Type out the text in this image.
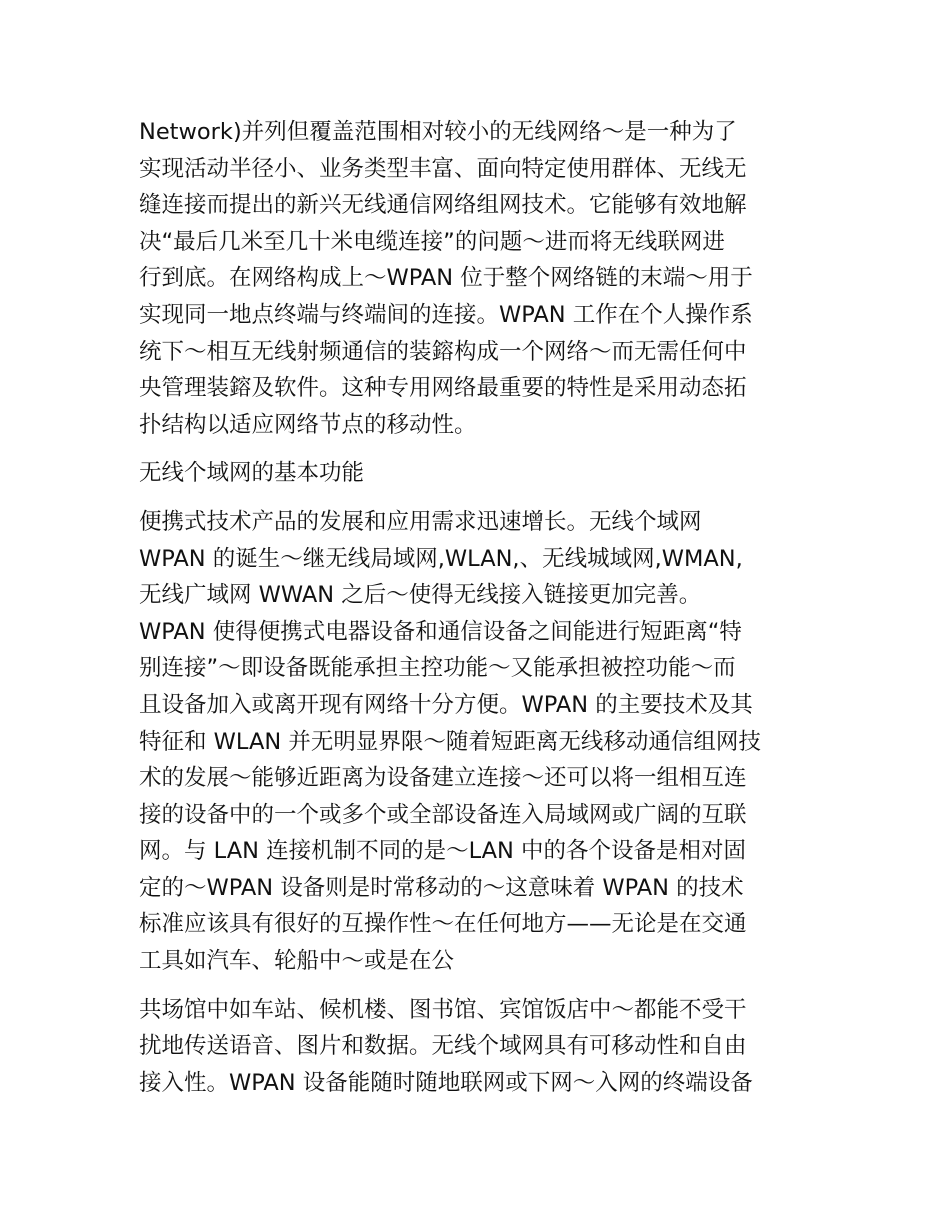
Network)并列但覆盖范围相对较小的无线网络～是一种为了
实现活动半径小、业务类型丰富、面向特定使用群体、无线无
缝连接而提出的新兴无线通信网络组网技术。它能够有效地解
决“最后几米至几十米电缆连接”的问题～进而将无线联网进
行到底。在网络构成上～WPAN 位于整个网络链的末端～用于
实现同一地点终端与终端间的连接。WPAN 工作在个人操作系
统下～相互无线射频通信的装鎔构成一个网络～而无需任何中
央管理装鎔及软件。这种专用网络最重要的特性是采用动态拓
扑结构以适应网络节点的移动性。

无线个域网的基本功能

便携式技术产品的发展和应用需求迅速增长。无线个域网
WPAN 的诞生～继无线局域网,WLAN,、无线城域网,WMAN,
无线广域网 WWAN 之后～使得无线接入链接更加完善。
WPAN 使得便携式电器设备和通信设备之间能进行短距离“特
别连接”～即设备既能承担主控功能～又能承担被控功能～而
且设备加入或离开现有网络十分方便。WPAN 的主要技术及其
特征和 WLAN 并无明显界限～随着短距离无线移动通信组网技
术的发展～能够近距离为设备建立连接～还可以将一组相互连
接的设备中的一个或多个或全部设备连入局域网或广阔的互联
网。与 LAN 连接机制不同的是～LAN 中的各个设备是相对固
定的～WPAN 设备则是时常移动的～这意味着 WPAN 的技术
标准应该具有很好的互操作性～在任何地方——无论是在交通
工具如汽车、轮船中～或是在公

共场馆中如车站、候机楼、图书馆、宾馆饭店中～都能不受干
扰地传送语音、图片和数据。无线个域网具有可移动性和自由
接入性。WPAN 设备能随时随地联网或下网～入网的终端设备
